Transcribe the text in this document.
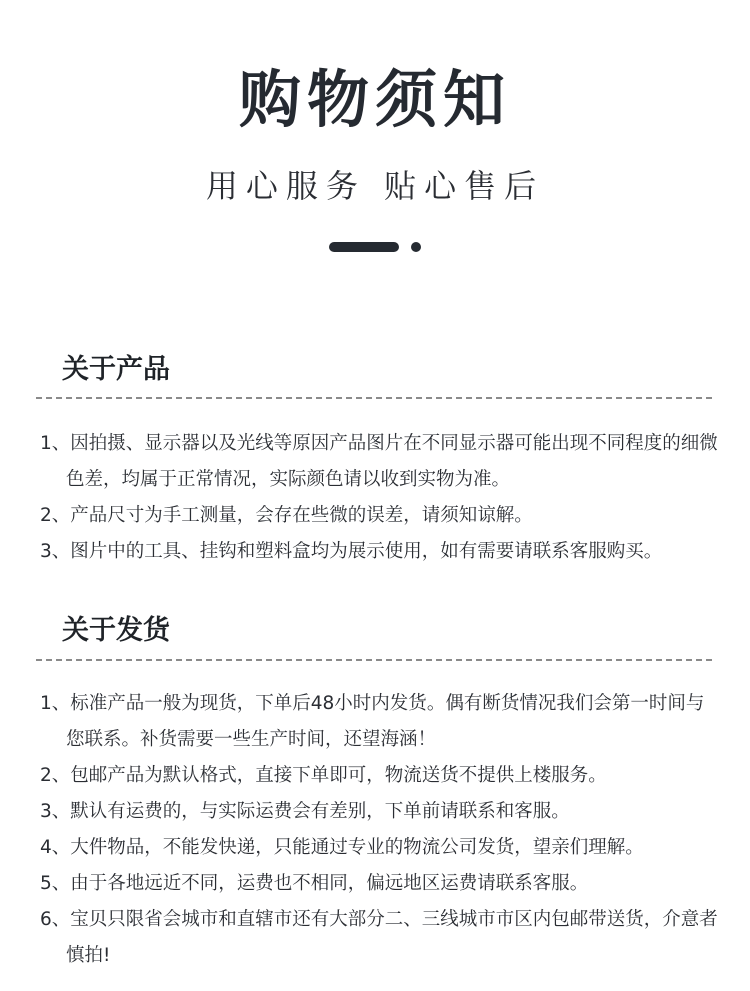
购物须知
用心服务 贴心售后
关于产品
1、因拍摄、显示器以及光线等原因产品图片在不同显示器可能出现不同程度的细微色差，均属于正常情况，实际颜色请以收到实物为准。
2、产品尺寸为手工测量，会存在些微的误差，请须知谅解。
3、图片中的工具、挂钩和塑料盒均为展示使用，如有需要请联系客服购买。
关于发货
1、标准产品一般为现货，下单后48小时内发货。偶有断货情况我们会第一时间与您联系。补货需要一些生产时间，还望海涵！
2、包邮产品为默认格式，直接下单即可，物流送货不提供上楼服务。
3、默认有运费的，与实际运费会有差别，下单前请联系和客服。
4、大件物品，不能发快递，只能通过专业的物流公司发货，望亲们理解。
5、由于各地远近不同，运费也不相同，偏远地区运费请联系客服。
6、宝贝只限省会城市和直辖市还有大部分二、三线城市市区内包邮带送货，介意者慎拍!
